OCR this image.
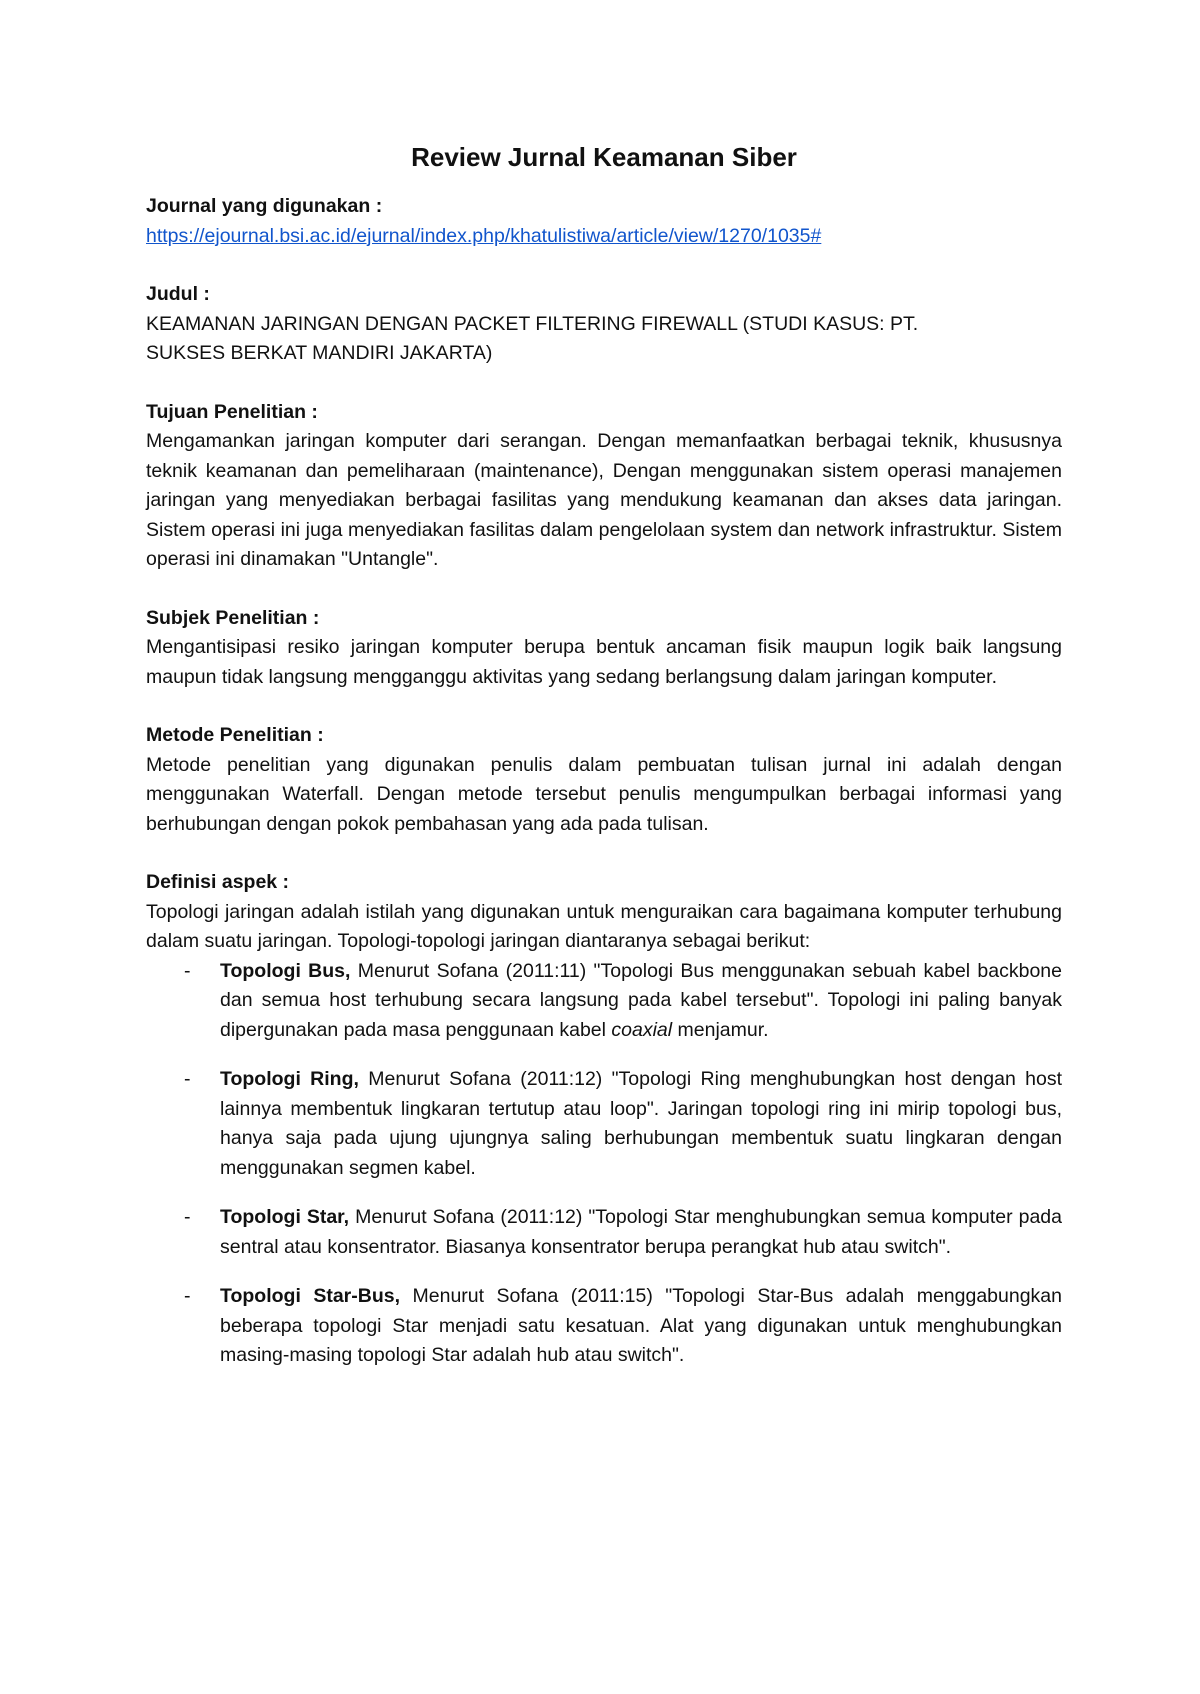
Review Jurnal Keamanan Siber

Journal yang digunakan :

https://ejournal.bsi.ac.id/ejurnal/index.php/khatulistiwa/article/view/1270/1035#

Judul :

KEAMANAN JARINGAN DENGAN PACKET FILTERING FIREWALL (STUDI KASUS: PT.

SUKSES BERKAT MANDIRI JAKARTA)

Tujuan Penelitian :

Mengamankan jaringan komputer dari serangan. Dengan memanfaatkan berbagai teknik, khususnya teknik keamanan dan pemeliharaan (maintenance), Dengan menggunakan sistem operasi manajemen jaringan yang menyediakan berbagai fasilitas yang mendukung keamanan dan akses data jaringan. Sistem operasi ini juga menyediakan fasilitas dalam pengelolaan system dan network infrastruktur. Sistem operasi ini dinamakan "Untangle".

Subjek Penelitian :

Mengantisipasi resiko jaringan komputer berupa bentuk ancaman fisik maupun logik baik langsung maupun tidak langsung mengganggu aktivitas yang sedang berlangsung dalam jaringan komputer.

Metode Penelitian :

Metode penelitian yang digunakan penulis dalam pembuatan tulisan jurnal ini adalah dengan menggunakan Waterfall. Dengan metode tersebut penulis mengumpulkan berbagai informasi yang berhubungan dengan pokok pembahasan yang ada pada tulisan.

Definisi aspek :

Topologi jaringan adalah istilah yang digunakan untuk menguraikan cara bagaimana komputer terhubung dalam suatu jaringan. Topologi-topologi jaringan diantaranya sebagai berikut:

- Topologi Bus, Menurut Sofana (2011:11) "Topologi Bus menggunakan sebuah kabel backbone dan semua host terhubung secara langsung pada kabel tersebut". Topologi ini paling banyak dipergunakan pada masa penggunaan kabel coaxial menjamur.
- Topologi Ring, Menurut Sofana (2011:12) "Topologi Ring menghubungkan host dengan host lainnya membentuk lingkaran tertutup atau loop". Jaringan topologi ring ini mirip topologi bus, hanya saja pada ujung ujungnya saling berhubungan membentuk suatu lingkaran dengan menggunakan segmen kabel.
- Topologi Star, Menurut Sofana (2011:12) "Topologi Star menghubungkan semua komputer pada sentral atau konsentrator. Biasanya konsentrator berupa perangkat hub atau switch".
- Topologi Star-Bus, Menurut Sofana (2011:15) "Topologi Star-Bus adalah menggabungkan beberapa topologi Star menjadi satu kesatuan. Alat yang digunakan untuk menghubungkan masing-masing topologi Star adalah hub atau switch".
